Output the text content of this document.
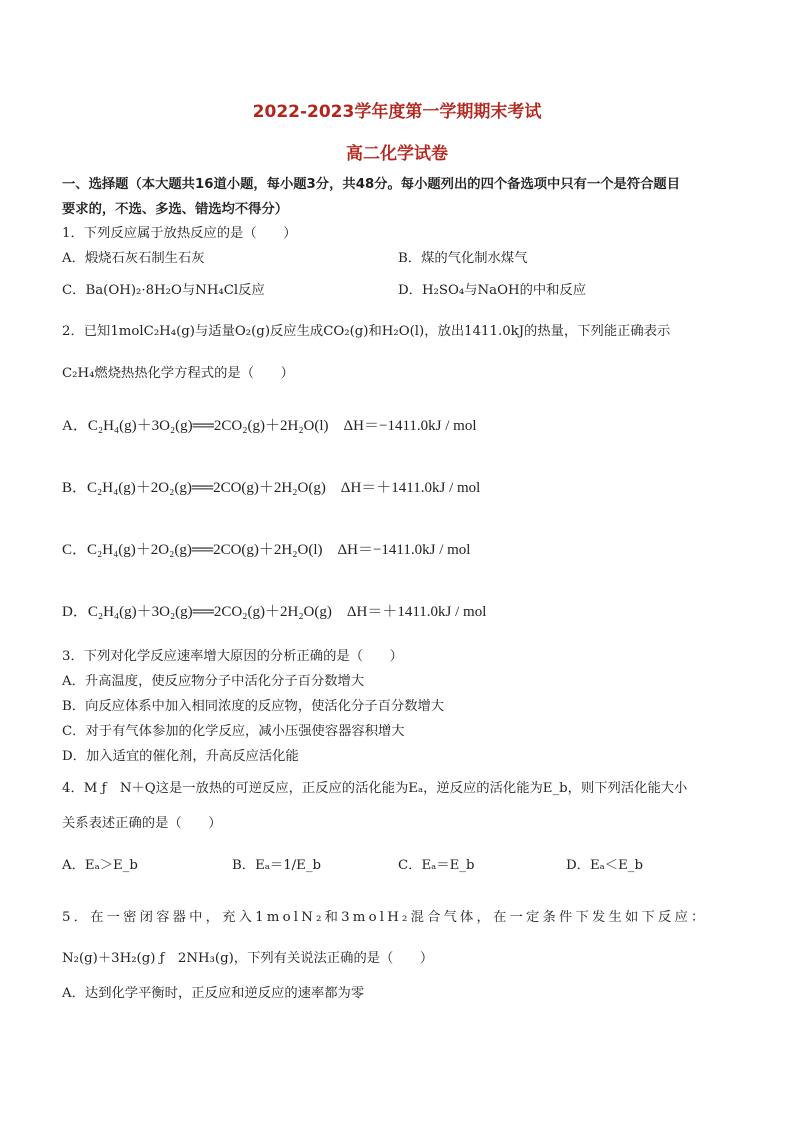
2022-2023学年度第一学期期末考试
高二化学试卷
一、选择题（本大题共16道小题，每小题3分，共48分。每小题列出的四个备选项中只有一个是符合题目
要求的，不选、多选、错选均不得分）
1．下列反应属于放热反应的是（　　）
A．煅烧石灰石制生石灰	B．煤的气化制水煤气
C．Ba(OH)₂·8H₂O与NH₄Cl反应	D．H₂SO₄与NaOH的中和反应
2．已知1molC₂H₄(g)与适量O₂(g)反应生成CO₂(g)和H₂O(l)，放出1411.0kJ的热量，下列能正确表示
C₂H₄燃烧热热化学方程式的是（　　）
A．C₂H₄(g)＋3O₂(g)══2CO₂(g)＋2H₂O(l)　ΔH＝−1411.0kJ / mol
B．C₂H₄(g)＋2O₂(g)══2CO(g)＋2H₂O(g)　ΔH＝＋1411.0kJ / mol
C．C₂H₄(g)＋2O₂(g)══2CO(g)＋2H₂O(l)　ΔH＝−1411.0kJ / mol
D．C₂H₄(g)＋3O₂(g)══2CO₂(g)＋2H₂O(g)　ΔH＝＋1411.0kJ / mol
3．下列对化学反应速率增大原因的分析正确的是（　　）
A．升高温度，使反应物分子中活化分子百分数增大
B．向反应体系中加入相同浓度的反应物，使活化分子百分数增大
C．对于有气体参加的化学反应，减小压强使容器容积增大
D．加入适宜的催化剂，升高反应活化能
4．M ƒ　N＋Q这是一放热的可逆反应，正反应的活化能为Eₐ，逆反应的活化能为E_b，则下列活化能大小
关系表述正确的是（　　）
A．Eₐ＞E_b	B．Eₐ＝1/E_b	C．Eₐ＝E_b	D．Eₐ＜E_b
5．在一密闭容器中，充入1molN₂和3molH₂混合气体，在一定条件下发生如下反应：
N₂(g)＋3H₂(g) ƒ　2NH₃(g)，下列有关说法正确的是（　　）
A．达到化学平衡时，正反应和逆反应的速率都为零
